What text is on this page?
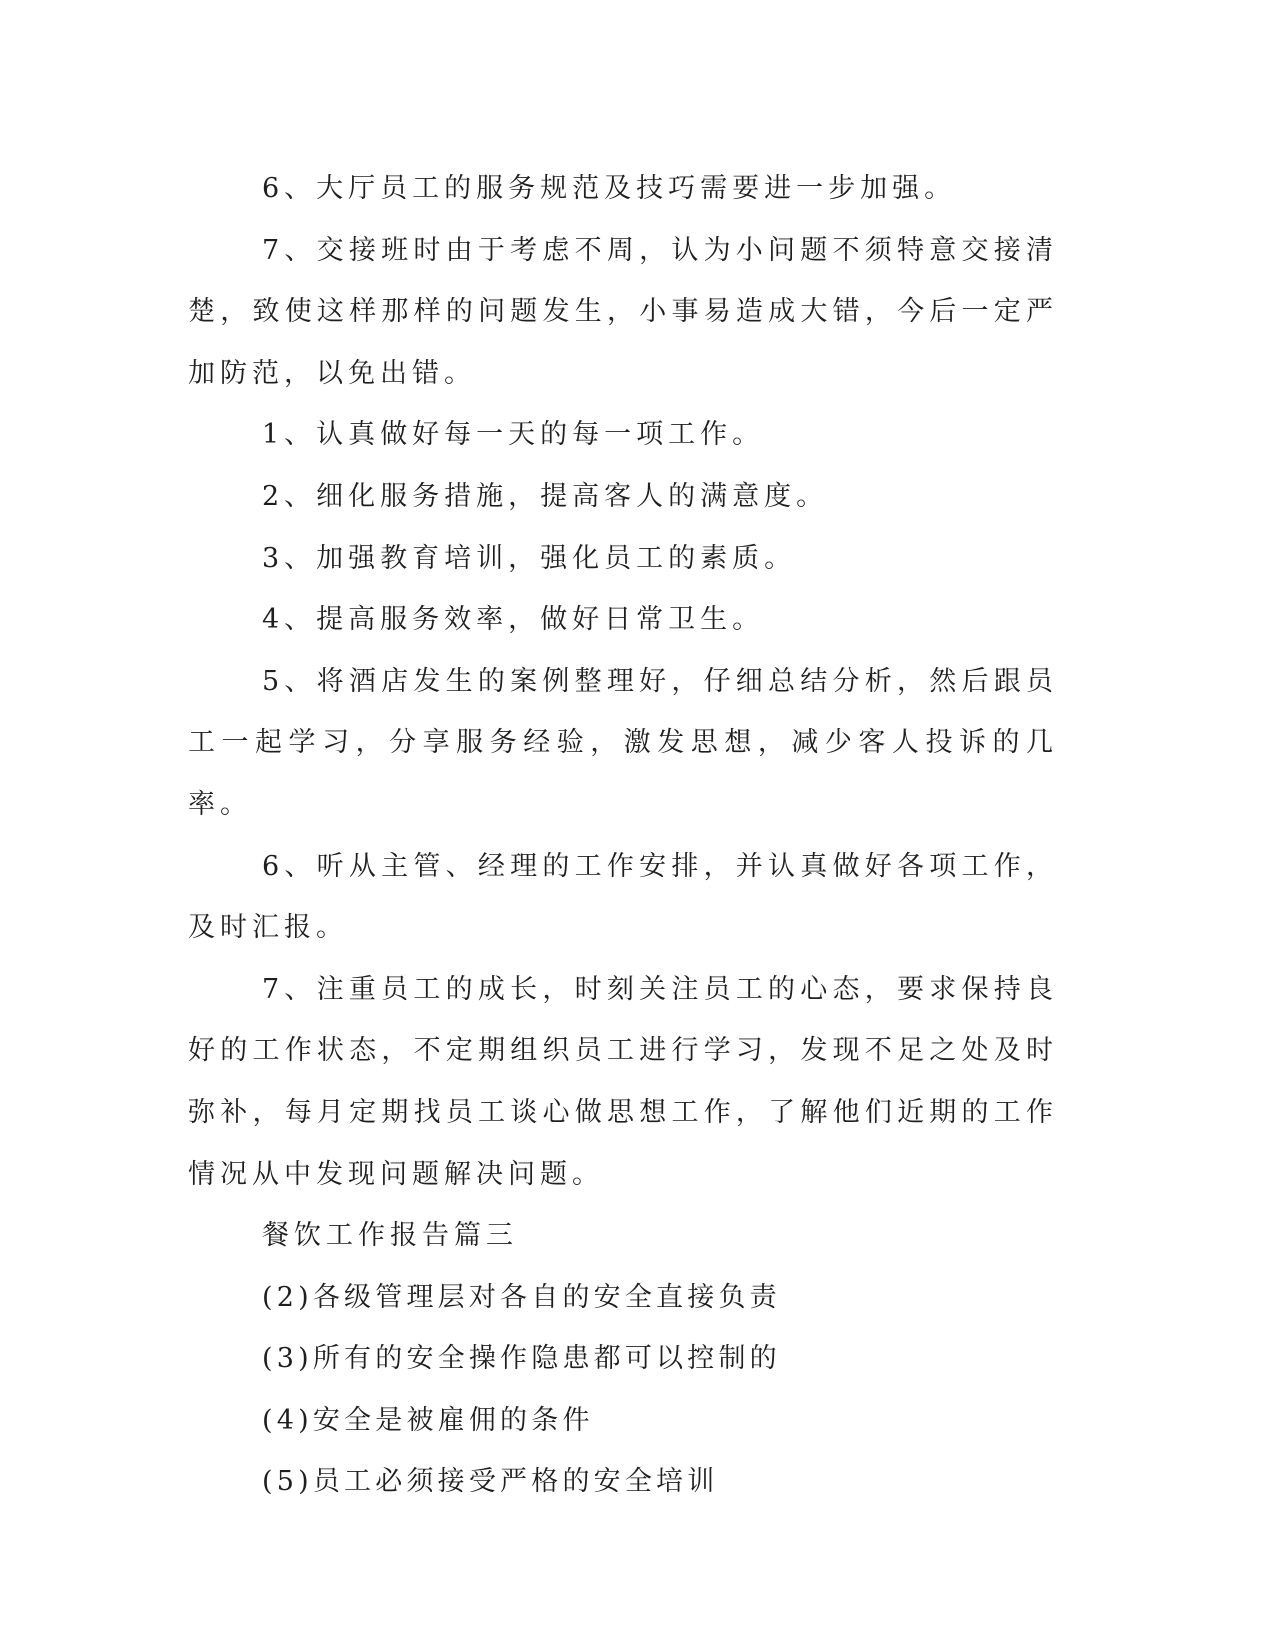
6、大厅员工的服务规范及技巧需要进一步加强。

7、交接班时由于考虑不周，认为小问题不须特意交接清楚，致使这样那样的问题发生，小事易造成大错，今后一定严加防范，以免出错。

1、认真做好每一天的每一项工作。

2、细化服务措施，提高客人的满意度。

3、加强教育培训，强化员工的素质。

4、提高服务效率，做好日常卫生。

5、将酒店发生的案例整理好，仔细总结分析，然后跟员工一起学习，分享服务经验，激发思想，减少客人投诉的几率。

6、听从主管、经理的工作安排，并认真做好各项工作，及时汇报。

7、注重员工的成长，时刻关注员工的心态，要求保持良好的工作状态，不定期组织员工进行学习，发现不足之处及时弥补，每月定期找员工谈心做思想工作，了解他们近期的工作情况从中发现问题解决问题。

餐饮工作报告篇三

(2)各级管理层对各自的安全直接负责

(3)所有的安全操作隐患都可以控制的

(4)安全是被雇佣的条件

(5)员工必须接受严格的安全培训
